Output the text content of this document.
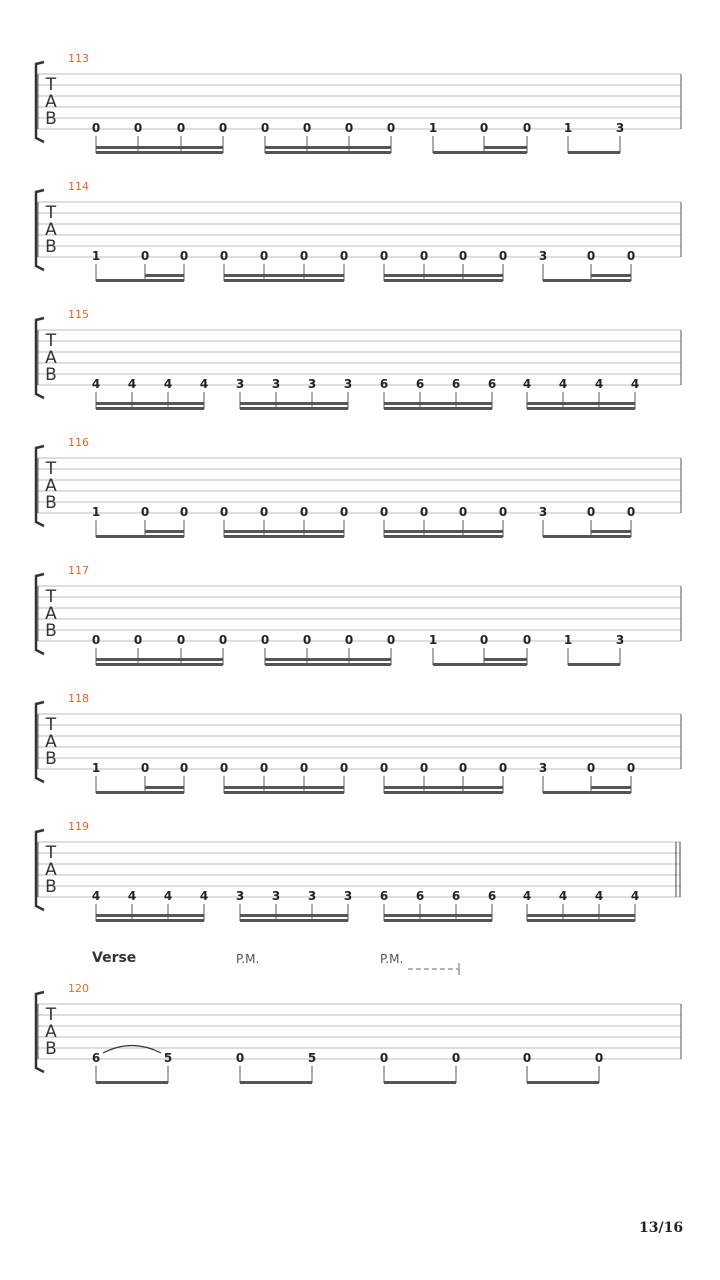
113
T
A
B	0	0	0	0	0	0	0	0	1	0	0	1	3
114
T
A
B	1	0	0	0	0	0	0	0	0	0	0	3	0	0
115
T
A
B	4 4 4 4 3 3 3 3 6 6 6 6 4 4 4 4
116
T
A
B	1	0	0	0	0	0	0	0	0	0	0	3	0	0
117
T
A
B	0	0	0	0	0	0	0	0	1	0	0	1	3
118
T
A
B	1	0	0	0	0	0	0	0	0	0	0	3	0	0
119
T
A
B	4 4 4 4 3 3 3 3 6 6 6 6 4 4 4 4
120
T
A
B	6	5	0	5	0	0	0	0
Verse	P.M.	P.M.
13/16
